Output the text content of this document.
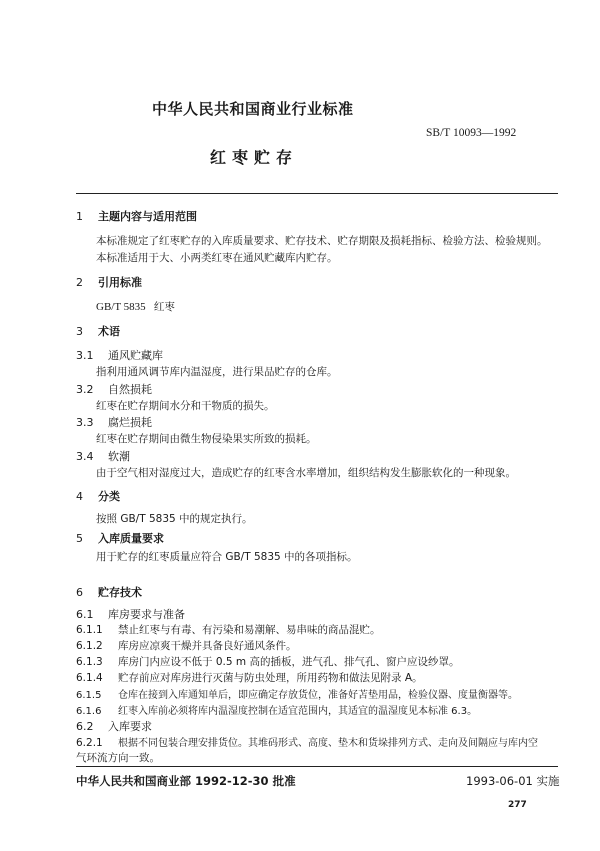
中华人民共和国商业行业标准
SB/T 10093—1992
红枣贮存
1 主题内容与适用范围
本标准规定了红枣贮存的入库质量要求、贮存技术、贮存期限及损耗指标、检验方法、检验规则。
本标准适用于大、小两类红枣在通风贮藏库内贮存。
2 引用标准
GB/T 5835 红枣
3 术语
3.1 通风贮藏库
指利用通风调节库内温湿度，进行果品贮存的仓库。
3.2 自然损耗
红枣在贮存期间水分和干物质的损失。
3.3 腐烂损耗
红枣在贮存期间由微生物侵染果实所致的损耗。
3.4 软潮
由于空气相对湿度过大，造成贮存的红枣含水率增加，组织结构发生膨胀软化的一种现象。
4 分类
按照 GB/T 5835 中的规定执行。
5 入库质量要求
用于贮存的红枣质量应符合 GB/T 5835 中的各项指标。
6 贮存技术
6.1 库房要求与准备
6.1.1 禁止红枣与有毒、有污染和易潮解、易串味的商品混贮。
6.1.2 库房应凉爽干燥并具备良好通风条件。
6.1.3 库房门内应设不低于 0.5 m 高的插板，进气孔、排气孔、窗户应设纱罩。
6.1.4 贮存前应对库房进行灭菌与防虫处理，所用药物和做法见附录 A。
6.1.5 仓库在接到入库通知单后，即应确定存放货位，准备好苫垫用品，检验仪器、度量衡器等。
6.1.6 红枣入库前必须将库内温湿度控制在适宜范围内，其适宜的温湿度见本标准 6.3。
6.2 入库要求
6.2.1 根据不同包装合理安排货位。其堆码形式、高度、垫木和货垛排列方式、走向及间隔应与库内空
气环流方向一致。
中华人民共和国商业部 1992-12-30 批准	1993-06-01 实施
277
